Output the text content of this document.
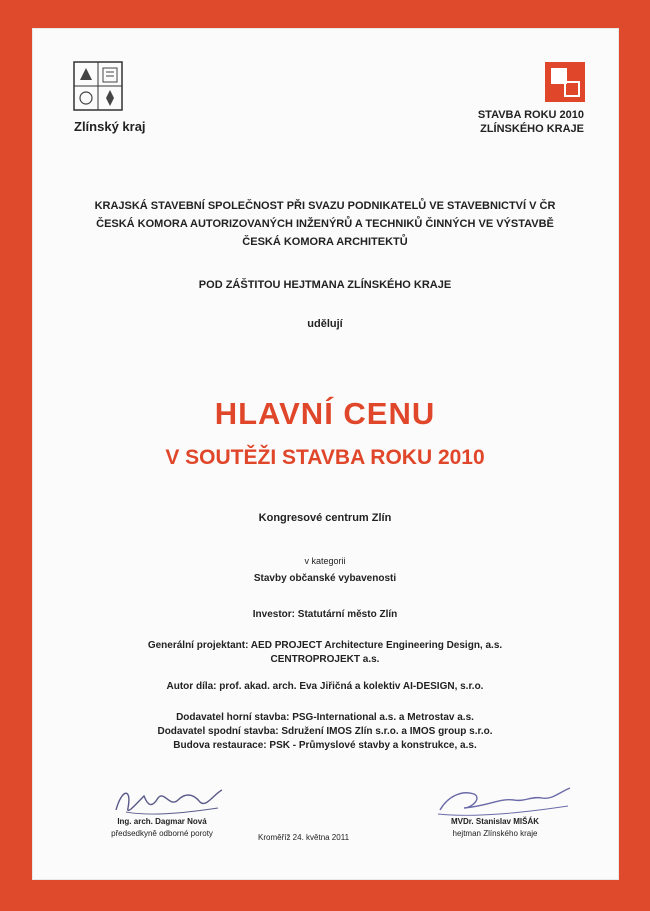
Zlínský kraj
STAVBA ROKU 2010
ZLÍNSKÉHO KRAJE
KRAJSKÁ STAVEBNÍ SPOLEČNOST PŘI SVAZU PODNIKATELŮ VE STAVEBNICTVÍ V ČR
ČESKÁ KOMORA AUTORIZOVANÝCH INŽENÝRŮ A TECHNIKŮ ČINNÝCH VE VÝSTAVBĚ
ČESKÁ KOMORA ARCHITEKTŮ
POD ZÁŠTITOU HEJTMANA ZLÍNSKÉHO KRAJE
udělují
HLAVNÍ CENU
V SOUTĚŽI STAVBA ROKU 2010
Kongresové centrum Zlín
v kategorii
Stavby občanské vybavenosti
Investor: Statutární město Zlín
Generální projektant: AED PROJECT Architecture Engineering Design, a.s.
CENTROPROJEKT a.s.
Autor díla: prof. akad. arch. Eva Jiřičná a kolektiv AI-DESIGN, s.r.o.
Dodavatel horní stavba: PSG-International a.s. a Metrostav a.s.
Dodavatel spodní stavba: Sdružení IMOS Zlín s.r.o. a IMOS group s.r.o.
Budova restaurace: PSK - Průmyslové stavby a konstrukce, a.s.
Ing. arch. Dagmar Nová
předsedkyně odborné poroty	Kroměříž 24. května 2011
MVDr. Stanislav MIŠÁK
hejtman Zlínského kraje
